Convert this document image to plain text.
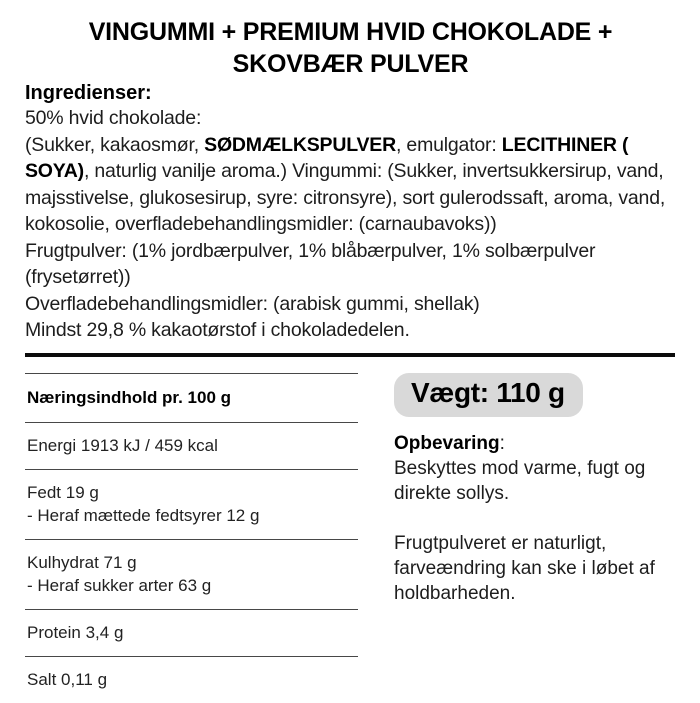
VINGUMMI + PREMIUM HVID CHOKOLADE +
SKOVBÆR PULVER
Ingredienser:

50% hvid chokolade:

(Sukker, kakaosmør, SØDMÆLKSPULVER, emulgator: LECITHINER ( SOYA), naturlig vanilje aroma.) Vingummi: (Sukker, invertsukkersirup, vand, majsstivelse, glukosesirup, syre: citronsyre), sort gulerodssaft, aroma, vand, kokosolie, overfladebehandlingsmidler: (carnaubavoks))

Frugtpulver: (1% jordbærpulver, 1% blåbærpulver, 1% solbærpulver (frysetørret))

Overfladebehandlingsmidler: (arabisk gummi, shellak)

Mindst 29,8 % kakaotørstof i chokoladedelen.

Næringsindhold pr. 100 g
Energi 1913 kJ / 459 kcal
Fedt 19 g
- Heraf mættede fedtsyrer 12 g
Kulhydrat 71 g
- Heraf sukker arter 63 g
Protein 3,4 g
Salt 0,11 g
Vægt: 110 g

Opbevaring:

Beskyttes mod varme, fugt og direkte sollys.

Frugtpulveret er naturligt, farveændring kan ske i løbet af holdbarheden.
